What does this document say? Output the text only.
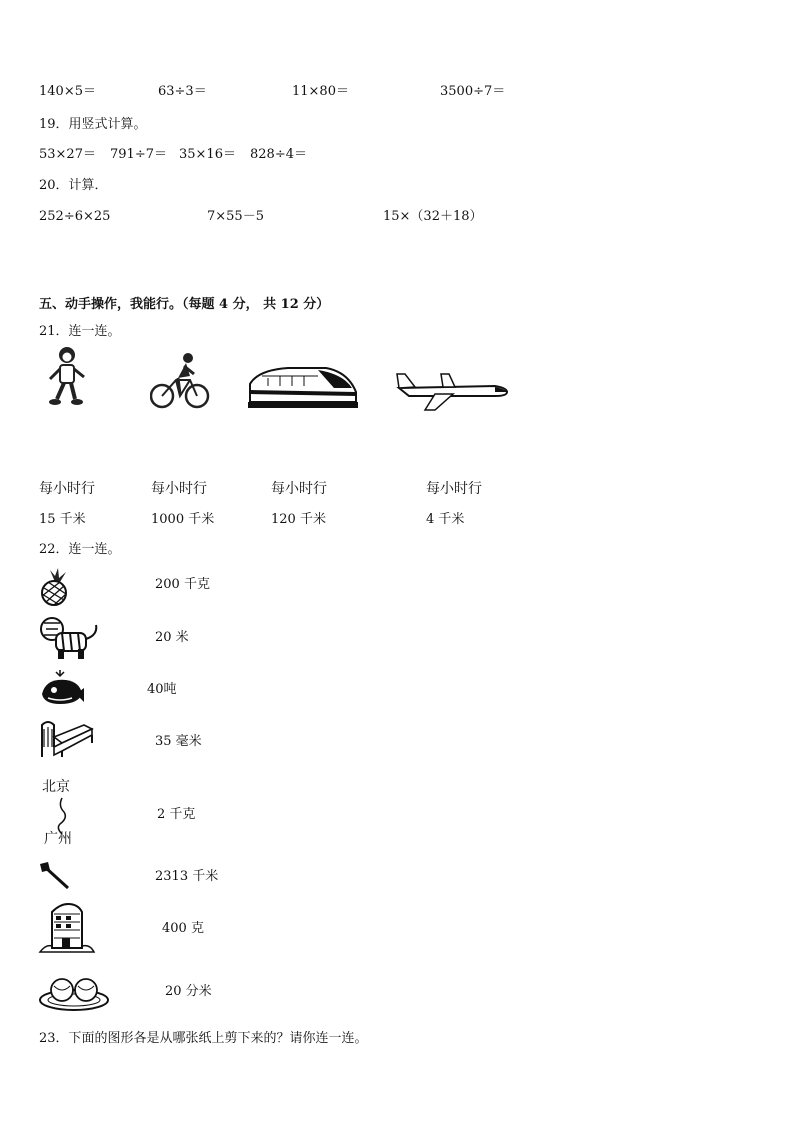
140×5＝	63÷3＝	11×80＝	3500÷7＝
19．用竖式计算。
53×27＝ 791÷7＝ 35×16＝ 828÷4＝
20．计算．
252÷6×25	7×55－5	15×（32＋18）
五、动手操作，我能行。（每题 4 分， 共 12 分）
21．连一连。
每小时行	每小时行	每小时行	每小时行
15 千米	1000 千米	120 千米	4 千米
22．连一连。
200 千克
20 米
40吨
35 毫米
北京
广州
2 千克
2313 千米
400 克
20 分米
23．下面的图形各是从哪张纸上剪下来的？请你连一连。
